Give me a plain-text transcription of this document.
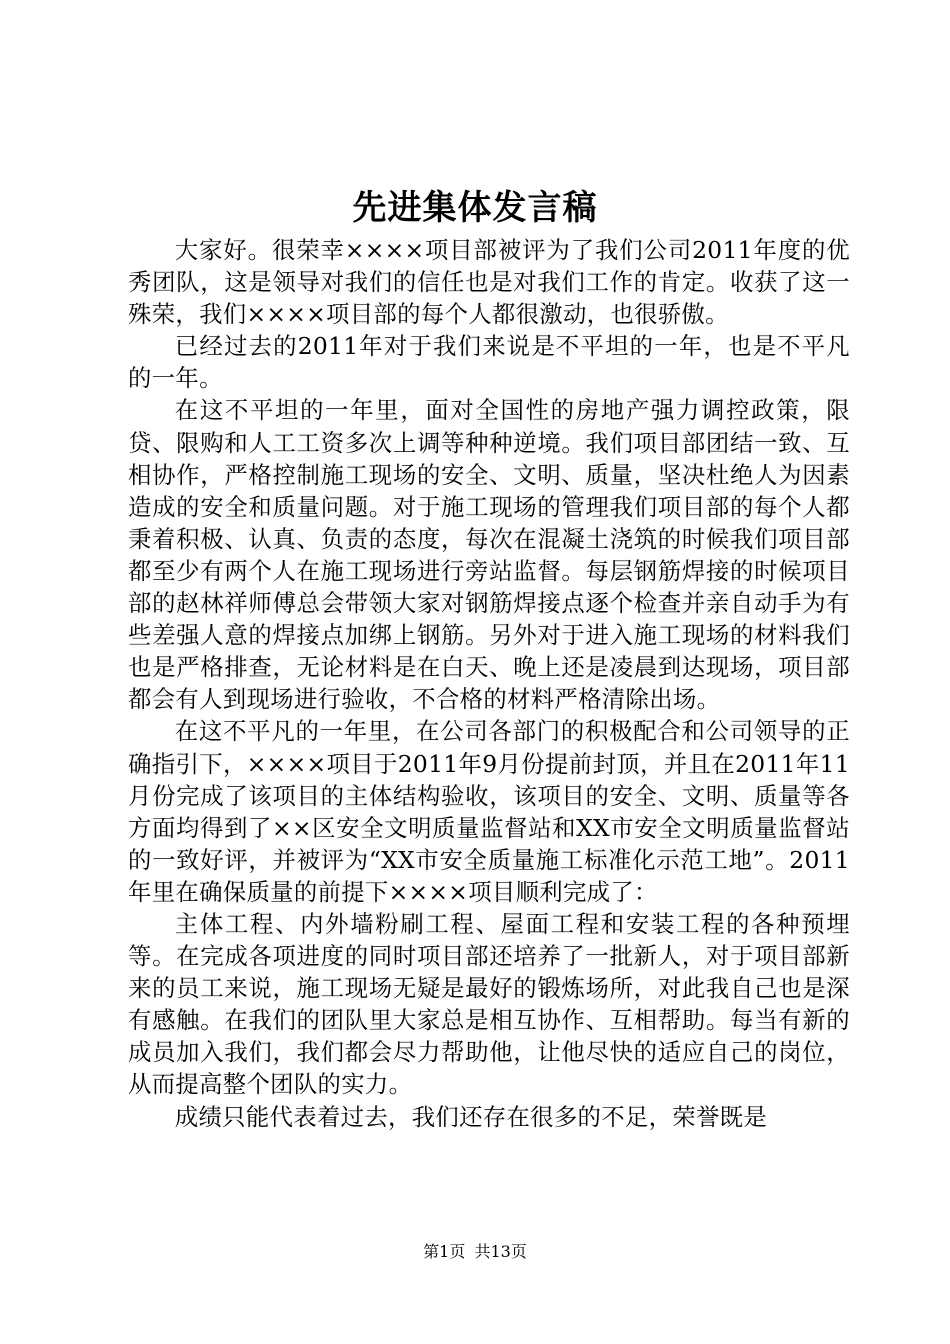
先进集体发言稿

大家好。很荣幸××××项目部被评为了我们公司2011年度的优秀团队，这是领导对我们的信任也是对我们工作的肯定。收获了这一殊荣，我们××××项目部的每个人都很激动，也很骄傲。

已经过去的2011年对于我们来说是不平坦的一年，也是不平凡的一年。

在这不平坦的一年里，面对全国性的房地产强力调控政策，限贷、限购和人工工资多次上调等种种逆境。我们项目部团结一致、互相协作，严格控制施工现场的安全、文明、质量，坚决杜绝人为因素造成的安全和质量问题。对于施工现场的管理我们项目部的每个人都秉着积极、认真、负责的态度，每次在混凝土浇筑的时候我们项目部都至少有两个人在施工现场进行旁站监督。每层钢筋焊接的时候项目部的赵林祥师傅总会带领大家对钢筋焊接点逐个检查并亲自动手为有些差强人意的焊接点加绑上钢筋。另外对于进入施工现场的材料我们也是严格排查，无论材料是在白天、晚上还是凌晨到达现场，项目部都会有人到现场进行验收，不合格的材料严格清除出场。

在这不平凡的一年里，在公司各部门的积极配合和公司领导的正确指引下，××××项目于2011年9月份提前封顶，并且在2011年11月份完成了该项目的主体结构验收，该项目的安全、文明、质量等各方面均得到了××区安全文明质量监督站和XX市安全文明质量监督站的一致好评，并被评为“XX市安全质量施工标准化示范工地”。2011年里在确保质量的前提下××××项目顺利完成了：

主体工程、内外墙粉刷工程、屋面工程和安装工程的各种预埋等。在完成各项进度的同时项目部还培养了一批新人，对于项目部新来的员工来说，施工现场无疑是最好的锻炼场所，对此我自己也是深有感触。在我们的团队里大家总是相互协作、互相帮助。每当有新的成员加入我们，我们都会尽力帮助他，让他尽快的适应自己的岗位，从而提高整个团队的实力。

成绩只能代表着过去，我们还存在很多的不足，荣誉既是

第1页 共13页
